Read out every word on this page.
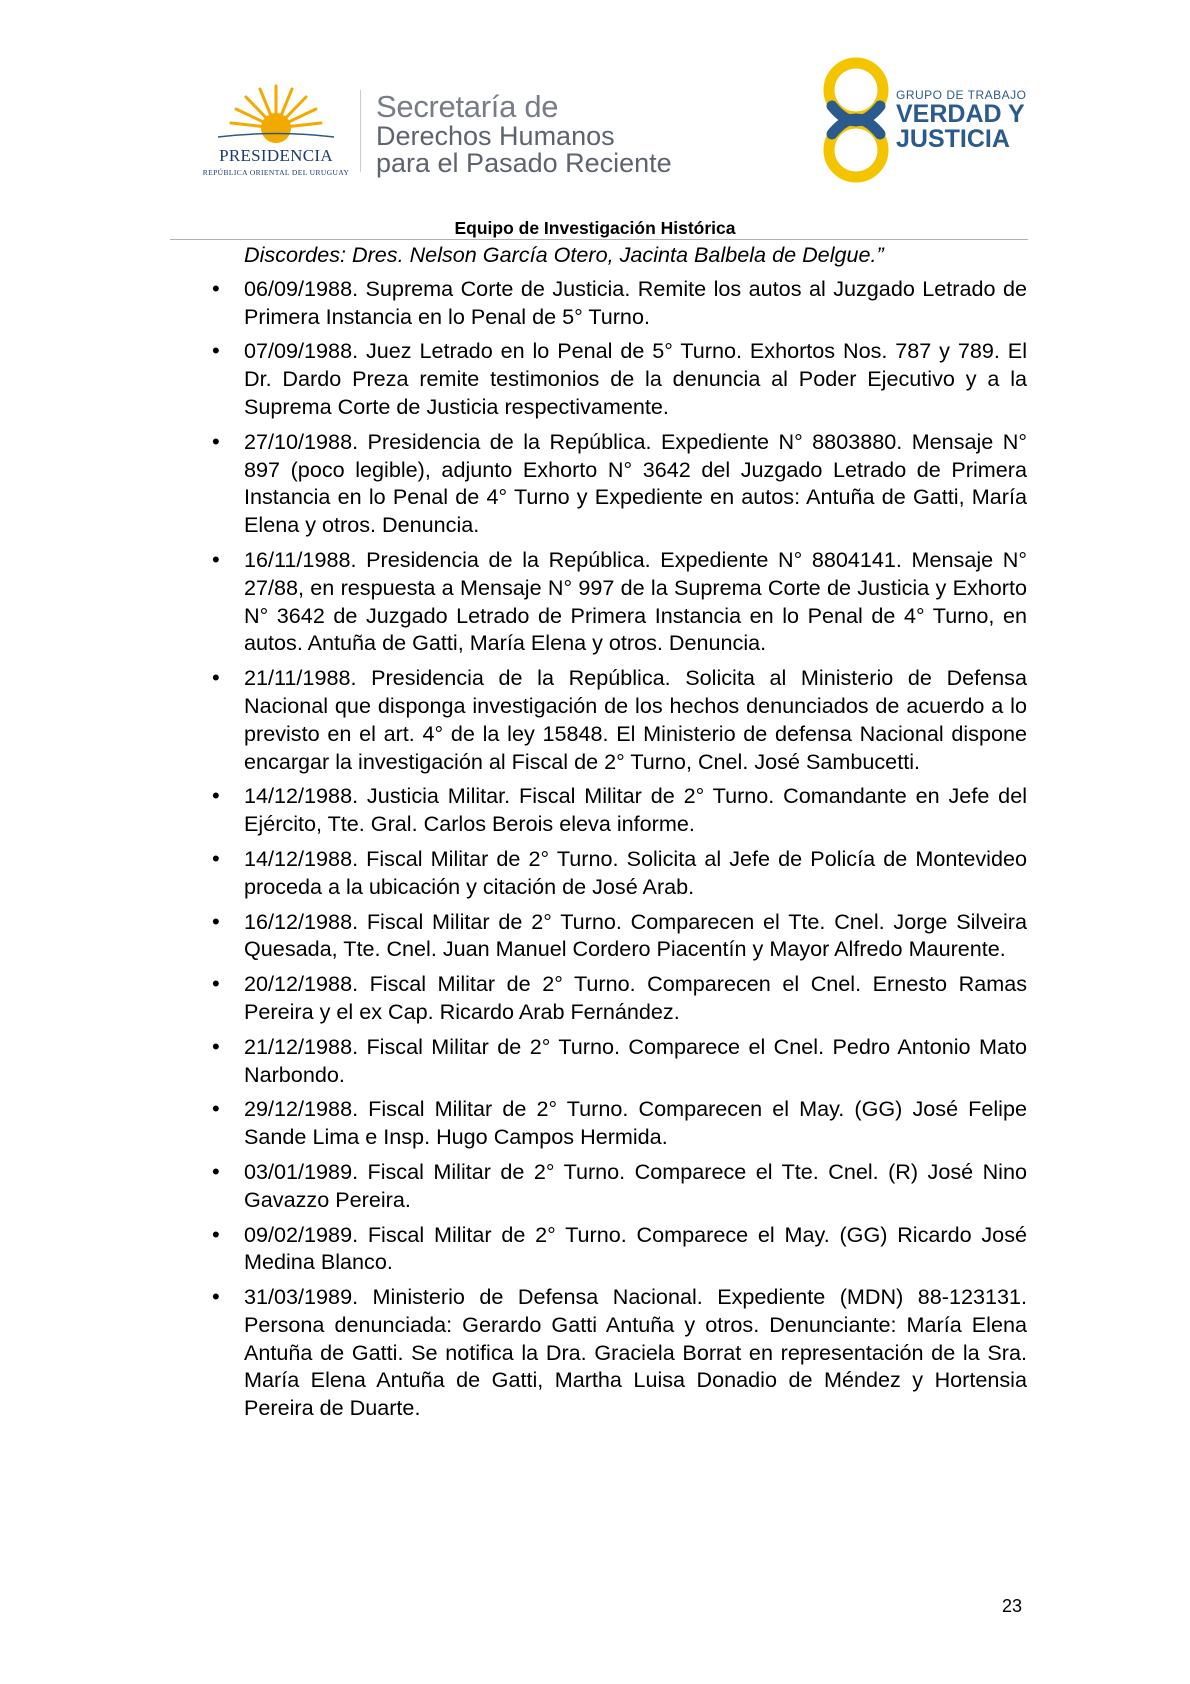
PRESIDENCIA
REPÚBLICA ORIENTAL DEL URUGUAY
Secretaría de
Derechos Humanos
para el Pasado Reciente
GRUPO DE TRABAJO
VERDAD Y
JUSTICIA
Equipo de Investigación Histórica
Discordes: Dres. Nelson García Otero, Jacinta Balbela de Delgue.”
• 06/09/1988. Suprema Corte de Justicia. Remite los autos al Juzgado Letrado de Primera Instancia en lo Penal de 5° Turno.
• 07/09/1988. Juez Letrado en lo Penal de 5° Turno. Exhortos Nos. 787 y 789. El Dr. Dardo Preza remite testimonios de la denuncia al Poder Ejecutivo y a la Suprema Corte de Justicia respectivamente.
• 27/10/1988. Presidencia de la República. Expediente N° 8803880. Mensaje N° 897 (poco legible), adjunto Exhorto N° 3642 del Juzgado Letrado de Primera Instancia en lo Penal de 4° Turno y Expediente en autos: Antuña de Gatti, María Elena y otros. Denuncia.
• 16/11/1988. Presidencia de la República. Expediente N° 8804141. Mensaje N° 27/88, en respuesta a Mensaje N° 997 de la Suprema Corte de Justicia y Exhorto N° 3642 de Juzgado Letrado de Primera Instancia en lo Penal de 4° Turno, en autos. Antuña de Gatti, María Elena y otros. Denuncia.
• 21/11/1988. Presidencia de la República. Solicita al Ministerio de Defensa Nacional que disponga investigación de los hechos denunciados de acuerdo a lo previsto en el art. 4° de la ley 15848. El Ministerio de defensa Nacional dispone encargar la investigación al Fiscal de 2° Turno, Cnel. José Sambucetti.
• 14/12/1988. Justicia Militar. Fiscal Militar de 2° Turno. Comandante en Jefe del Ejército, Tte. Gral. Carlos Berois eleva informe.
• 14/12/1988. Fiscal Militar de 2° Turno. Solicita al Jefe de Policía de Montevideo proceda a la ubicación y citación de José Arab.
• 16/12/1988. Fiscal Militar de 2° Turno. Comparecen el Tte. Cnel. Jorge Silveira Quesada, Tte. Cnel. Juan Manuel Cordero Piacentín y Mayor Alfredo Maurente.
• 20/12/1988. Fiscal Militar de 2° Turno. Comparecen el Cnel. Ernesto Ramas Pereira y el ex Cap. Ricardo Arab Fernández.
• 21/12/1988. Fiscal Militar de 2° Turno. Comparece el Cnel. Pedro Antonio Mato Narbondo.
• 29/12/1988. Fiscal Militar de 2° Turno. Comparecen el May. (GG) José Felipe Sande Lima e Insp. Hugo Campos Hermida.
• 03/01/1989. Fiscal Militar de 2° Turno. Comparece el Tte. Cnel. (R) José Nino Gavazzo Pereira.
• 09/02/1989. Fiscal Militar de 2° Turno. Comparece el May. (GG) Ricardo José Medina Blanco.
• 31/03/1989. Ministerio de Defensa Nacional. Expediente (MDN) 88-123131. Persona denunciada: Gerardo Gatti Antuña y otros. Denunciante: María Elena Antuña de Gatti. Se notifica la Dra. Graciela Borrat en representación de la Sra. María Elena Antuña de Gatti, Martha Luisa Donadio de Méndez y Hortensia Pereira de Duarte.
23
